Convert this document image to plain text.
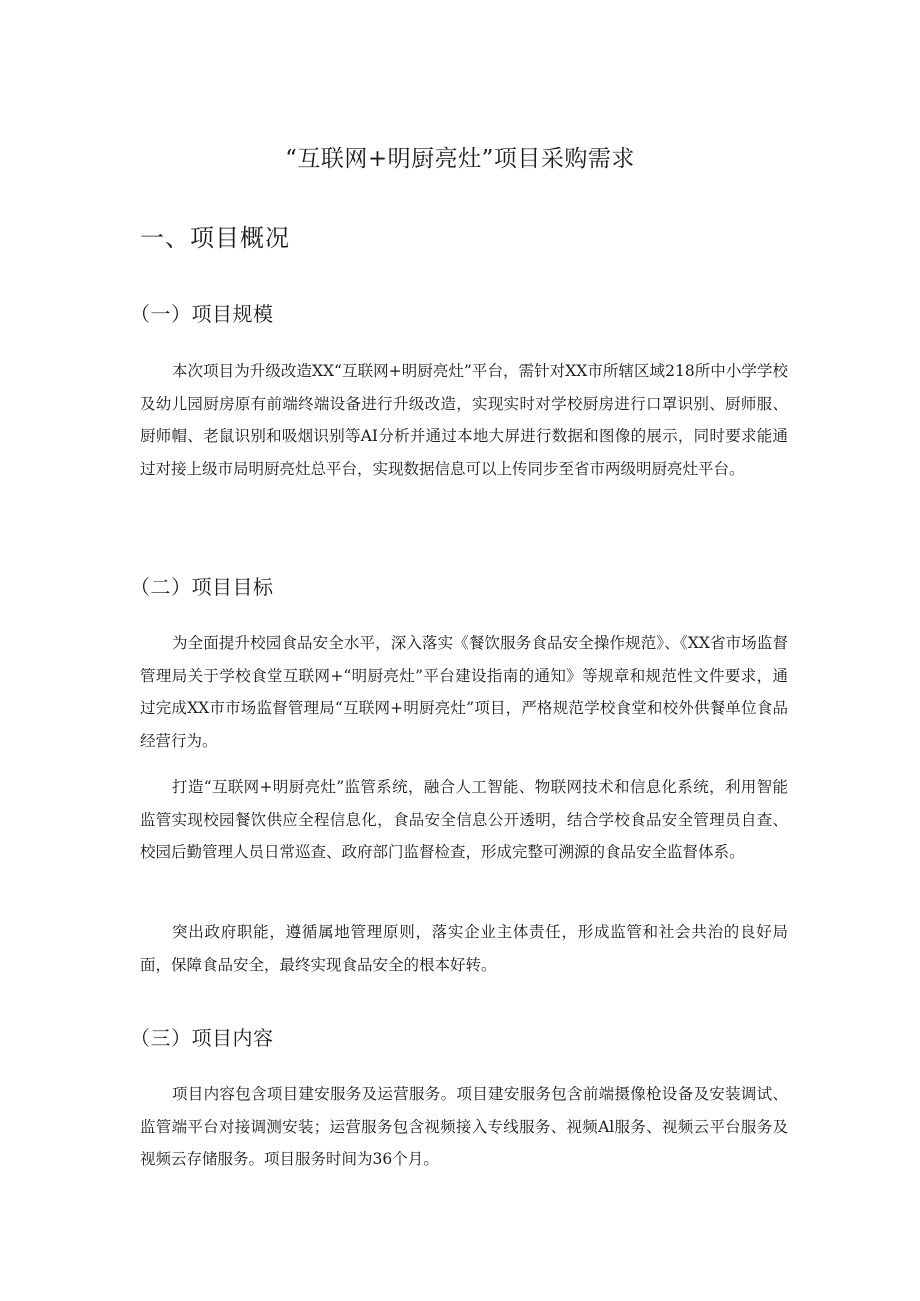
“互联网+明厨亮灶”项目采购需求
一、项目概况
（一）项目规模

本次项目为升级改造XX“互联网+明厨亮灶”平台，需针对XX市所辖区域218所中小学学校及幼儿园厨房原有前端终端设备进行升级改造，实现实时对学校厨房进行口罩识别、厨师服、厨师帽、老鼠识别和吸烟识别等AI分析并通过本地大屏进行数据和图像的展示，同时要求能通过对接上级市局明厨亮灶总平台，实现数据信息可以上传同步至省市两级明厨亮灶平台。

（二）项目目标

为全面提升校园食品安全水平，深入落实《餐饮服务食品安全操作规范》、《XX省市场监督管理局关于学校食堂互联网+“明厨亮灶”平台建设指南的通知》等规章和规范性文件要求，通过完成XX市市场监督管理局“互联网+明厨亮灶”项目，严格规范学校食堂和校外供餐单位食品经营行为。

打造“互联网+明厨亮灶”监管系统，融合人工智能、物联网技术和信息化系统，利用智能监管实现校园餐饮供应全程信息化，食品安全信息公开透明，结合学校食品安全管理员自查、校园后勤管理人员日常巡查、政府部门监督检查，形成完整可溯源的食品安全监督体系。

突出政府职能，遵循属地管理原则，落实企业主体责任，形成监管和社会共治的良好局面，保障食品安全，最终实现食品安全的根本好转。

（三）项目内容

项目内容包含项目建安服务及运营服务。项目建安服务包含前端摄像枪设备及安装调试、监管端平台对接调测安装；运营服务包含视频接入专线服务、视频Al服务、视频云平台服务及视频云存储服务。项目服务时间为36个月。
